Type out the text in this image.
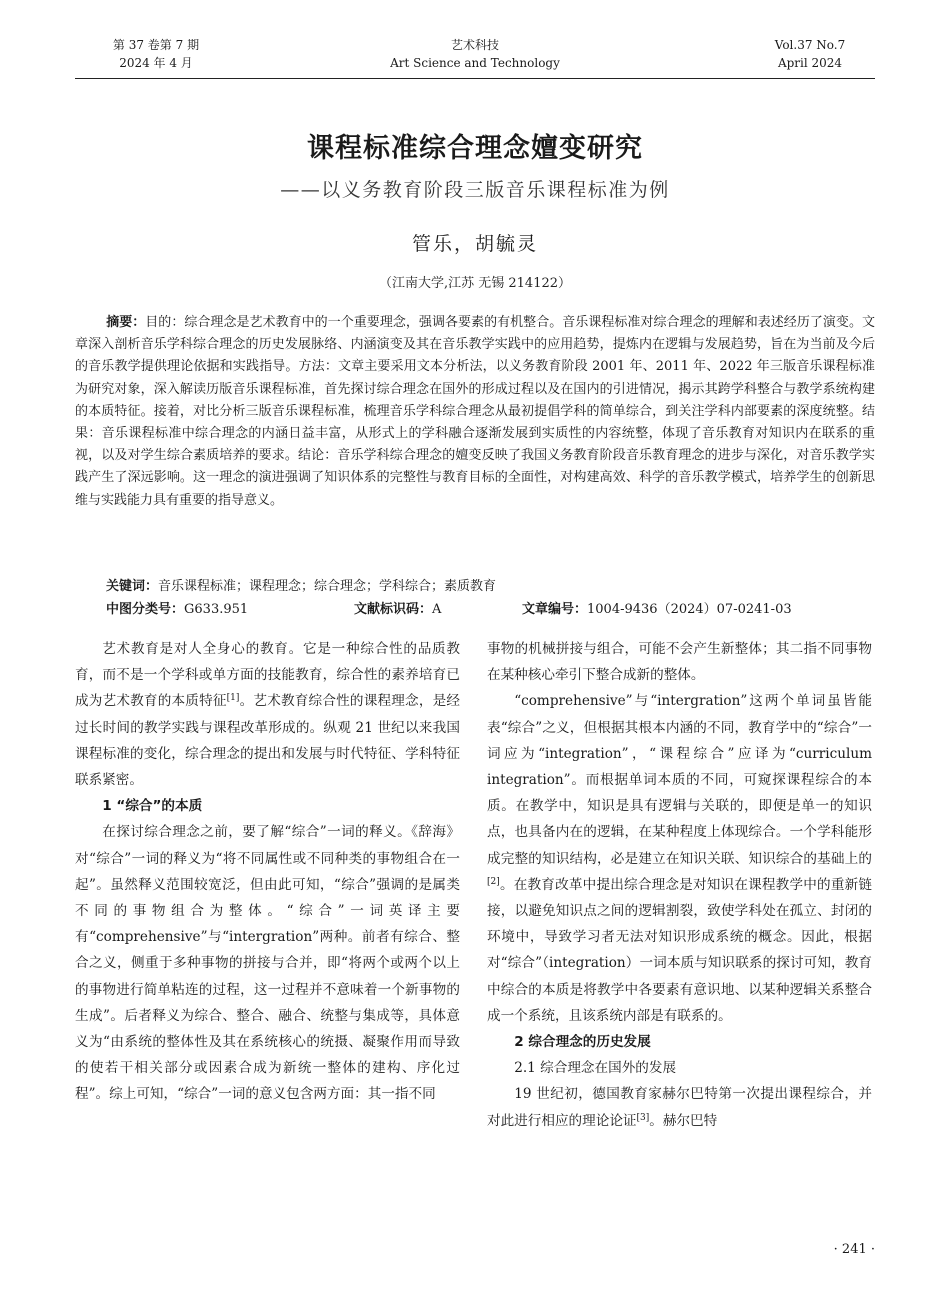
第 37 卷第 7 期
2024 年 4 月
艺术科技
Art Science and Technology
Vol.37 No.7
April 2024
课程标准综合理念嬗变研究
——以义务教育阶段三版音乐课程标准为例
管乐，胡毓灵
（江南大学,江苏 无锡 214122）
摘要：目的：综合理念是艺术教育中的一个重要理念，强调各要素的有机整合。音乐课程标准对综合理念的理解和表述经历了演变。文章深入剖析音乐学科综合理念的历史发展脉络、内涵演变及其在音乐教学实践中的应用趋势，提炼内在逻辑与发展趋势，旨在为当前及今后的音乐教学提供理论依据和实践指导。方法：文章主要采用文本分析法，以义务教育阶段 2001 年、2011 年、2022 年三版音乐课程标准为研究对象，深入解读历版音乐课程标准，首先探讨综合理念在国外的形成过程以及在国内的引进情况，揭示其跨学科整合与教学系统构建的本质特征。接着，对比分析三版音乐课程标准，梳理音乐学科综合理念从最初提倡学科的简单综合，到关注学科内部要素的深度统整。结果：音乐课程标准中综合理念的内涵日益丰富，从形式上的学科融合逐渐发展到实质性的内容统整，体现了音乐教育对知识内在联系的重视，以及对学生综合素质培养的要求。结论：音乐学科综合理念的嬗变反映了我国义务教育阶段音乐教育理念的进步与深化，对音乐教学实践产生了深远影响。这一理念的演进强调了知识体系的完整性与教育目标的全面性，对构建高效、科学的音乐教学模式，培养学生的创新思维与实践能力具有重要的指导意义。
关键词：音乐课程标准；课程理念；综合理念；学科综合；素质教育
中图分类号：G633.951	文献标识码：A	文章编号：1004-9436（2024）07-0241-03

艺术教育是对人全身心的教育。它是一种综合性的品质教育，而不是一个学科或单方面的技能教育，综合性的素养培育已成为艺术教育的本质特征[1]。艺术教育综合性的课程理念，是经过长时间的教学实践与课程改革形成的。纵观 21 世纪以来我国课程标准的变化，综合理念的提出和发展与时代特征、学科特征联系紧密。

1 “综合”的本质

在探讨综合理念之前，要了解“综合”一词的释义。《辞海》对“综合”一词的释义为“将不同属性或不同种类的事物组合在一起”。虽然释义范围较宽泛，但由此可知，“综合”强调的是属类不同的事物组合为整体。“综合”一词英译主要有“comprehensive”与“intergration”两种。前者有综合、整合之义，侧重于多种事物的拼接与合并，即“将两个或两个以上的事物进行简单粘连的过程，这一过程并不意味着一个新事物的生成”。后者释义为综合、整合、融合、统整与集成等，具体意义为“由系统的整体性及其在系统核心的统摄、凝聚作用而导致的使若干相关部分或因素合成为新统一整体的建构、序化过程”。综上可知，“综合”一词的意义包含两方面：其一指不同

事物的机械拼接与组合，可能不会产生新整体；其二指不同事物在某种核心牵引下整合成新的整体。

“comprehensive”与“intergration”这两个单词虽皆能表“综合”之义，但根据其根本内涵的不同，教育学中的“综合”一词应为“integration”，“课程综合”应译为“curriculum integration”。而根据单词本质的不同，可窥探课程综合的本质。在教学中，知识是具有逻辑与关联的，即便是单一的知识点，也具备内在的逻辑，在某种程度上体现综合。一个学科能形成完整的知识结构，必是建立在知识关联、知识综合的基础上的[2]。在教育改革中提出综合理念是对知识在课程教学中的重新链接，以避免知识点之间的逻辑割裂，致使学科处在孤立、封闭的环境中，导致学习者无法对知识形成系统的概念。因此，根据对“综合”（integration）一词本质与知识联系的探讨可知，教育中综合的本质是将教学中各要素有意识地、以某种逻辑关系整合成一个系统，且该系统内部是有联系的。

2 综合理念的历史发展
2.1 综合理念在国外的发展

19 世纪初，德国教育家赫尔巴特第一次提出课程综合，并对此进行相应的理论论证[3]。赫尔巴特

· 241 ·
